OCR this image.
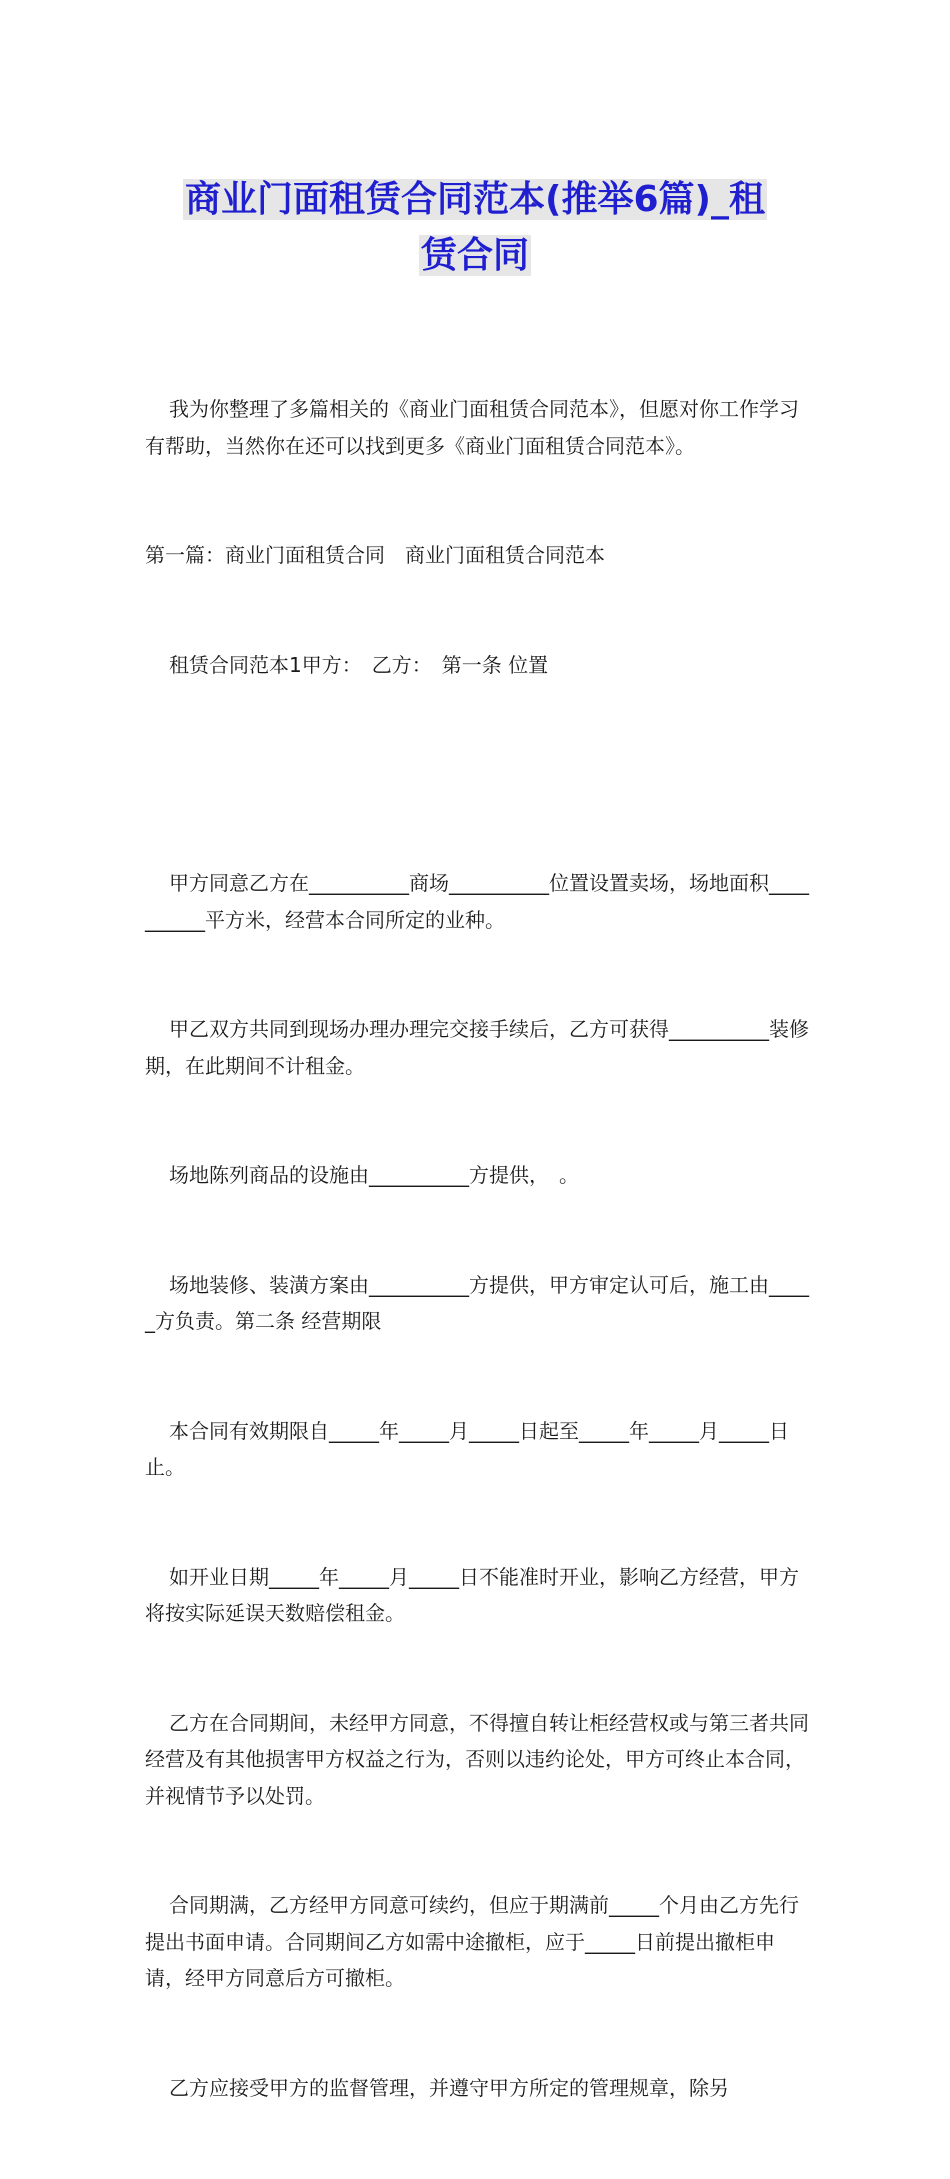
商业门面租赁合同范本(推举6篇)_租
赁合同

我为你整理了多篇相关的《商业门面租赁合同范本》，但愿对你工作学习有帮助，当然你在还可以找到更多《商业门面租赁合同范本》。

第一篇：商业门面租赁合同　商业门面租赁合同范本

租赁合同范本1甲方：　乙方：　第一条 位置

甲方同意乙方在__________商场__________位置设置卖场，场地面积__________平方米，经营本合同所定的业种。

甲乙双方共同到现场办理办理完交接手续后，乙方可获得__________装修期，在此期间不计租金。

场地陈列商品的设施由__________方提供，　。

场地装修、装潢方案由__________方提供，甲方审定认可后，施工由_____方负责。第二条 经营期限

本合同有效期限自_____年_____月_____日起至_____年_____月_____日止。

如开业日期_____年_____月_____日不能准时开业，影响乙方经营，甲方将按实际延误天数赔偿租金。

乙方在合同期间，未经甲方同意，不得擅自转让柜经营权或与第三者共同经营及有其他损害甲方权益之行为，否则以违约论处，甲方可终止本合同，并视情节予以处罚。

合同期满，乙方经甲方同意可续约，但应于期满前_____个月由乙方先行提出书面申请。合同期间乙方如需中途撤柜，应于_____日前提出撤柜申请，经甲方同意后方可撤柜。

乙方应接受甲方的监督管理，并遵守甲方所定的管理规章，除另
